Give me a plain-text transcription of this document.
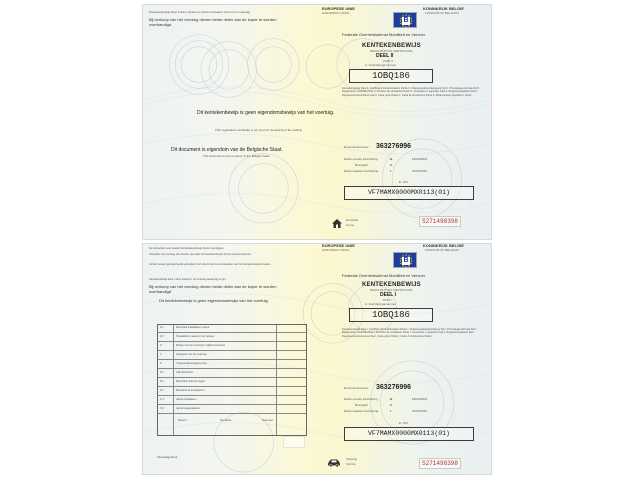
Kentekenbewijs Deel II dient steeds te worden bewaard (niet in het voertuig)
Bij verkoop van het voertuig dienen beide delen aan de koper te worden overhandigd.
EUROPESE UNIE
EUROPEAN UNION
KONINKRIJK BELGIE
KINGDOM OF BELGIUM
B
Federale Overheidsdienst Mobiliteit en Vervoer
KENTEKENBEWIJS
REGISTRATION CERTIFICATE
DEEL II
PART II
A. Inschrijvingsnummer
1OBQ186
Kentekenbewijs Deel II, Certificat d'immatriculation Partie II, Zulassungsbescheinigung Teil II, Prometnaja dozvola Dio II, Registration certificate Part II, Permiso de circulacion Parte II, Osvedceni o registraci Cast II, Registreringsattest Del II, Registreerimistunnistus Osa II, Carte grise Partie II, Carta di circolazione Parte II, Regisztracios Igazolas II. Resz.
Dit kentekenbewijs is geen eigendomsbewijs van het voertuig.
This registration certificate is not proof of ownership of the vehicle.
Dit document is eigendom van de Belgische Staat.
This document is the property of the Belgian State.
Documentnummer 363276996
Datum eerste inschrijving	B.	18/04/2003
Bron/gebr	C.
Datum laatste inschrijving	I.	01/07/2014
E. VIN
VF7MAMX0000MX0113(01)
Domicilie
Home	S271498398
De instructies moet steeds het kentekenbewijs boven voorleggen.
Verandert van voertuig van houder, dan wijst het kentekenbewijs bij het voertuig behoren.
Verder moeten geregistreerde gebruikers zich direct met de voorwaarden van het kentekenbewijs houden.
Kentekenbewijs Deel I dient steeds in het voertuig aanwezig te zijn.
Bij verkoop van het voertuig dienen beide delen aan de koper te worden overhandigd
Dit kentekenbewijs is geen eigendomsbewijs van het voertuig
EUROPESE UNIE
EUROPEAN UNION
KONINKRIJK BELGIE
KINGDOM OF BELGIUM
B
Federale Overheidsdienst Mobiliteit en Vervoer
KENTEKENBEWIJS
REGISTRATION CERTIFICATE
DEEL I
PART I
A. Inschrijvingsnummer
1OBQ186
Kentekenbewijs Deel I, Certificat d'immatriculation Partie I, Zulassungsbescheinigung Teil I, Prometnaja dozvola Dio I, Registration certificate Part I, Permiso de circulacion Parte I, Osvedceni o registraci Cast I, Registreringsattest Del I, Registreerimistunnistus Osa I, Carte grise Partie I, Carta di circolazione Parte I.
F.1	Maximaal toelaatbare massa
F.2	Toelaatbare massa in het verkeer
G	Massa van het voertuig in rijklare toestand
J	Categorie van het voertuig
K	Typegoedkeuringsnummer
P.1	Cilinderinhoud
P.2	Maximaal nettovermogen
P.3	Brandstof of energiebron
S.1	Aantal zitplaatsen
S.2	Aantal staanplaatsen
Datum	Handtek.	Stempel
Kilowattgebruik
Documentnummer 363276996
Datum eerste inschrijving	B.	18/04/2003
Bron/gebr	C.
Datum laatste inschrijving	I.	01/07/2014
E. VIN
VF7MAMX0000MX0113(01)
Voertuig
Vehicle	S271498398
